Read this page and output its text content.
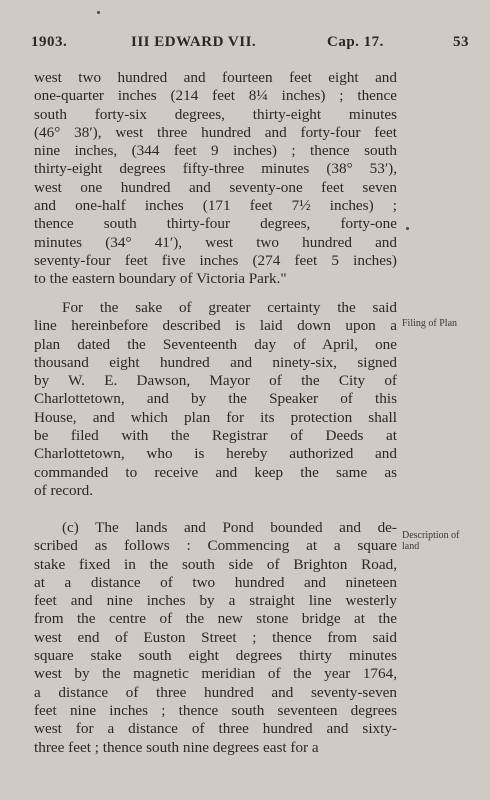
1903.	III EDWARD VII.	Cap. 17.	53
west two hundred and fourteen feet eight and
one-quarter inches (214 feet 8¼ inches) ; thence
south forty-six degrees, thirty-eight minutes
(46° 38′), west three hundred and forty-four feet
nine inches, (344 feet 9 inches) ; thence south
thirty-eight degrees fifty-three minutes (38° 53′),
west one hundred and seventy-one feet seven
and one-half inches (171 feet 7½ inches) ;
thence south thirty-four degrees, forty-one
minutes (34° 41′), west two hundred and
seventy-four feet five inches (274 feet 5 inches)
to the eastern boundary of Victoria Park."
For the sake of greater certainty the said
line hereinbefore described is laid down upon a
plan dated the Seventeenth day of April, one
thousand eight hundred and ninety-six, signed
by W. E. Dawson, Mayor of the City of
Charlottetown, and by the Speaker of this
House, and which plan for its protection shall
be filed with the Registrar of Deeds at
Charlottetown, who is hereby authorized and
commanded to receive and keep the same as
of record.
(c) The lands and Pond bounded and de-
scribed as follows : Commencing at a square
stake fixed in the south side of Brighton Road,
at a distance of two hundred and nineteen
feet and nine inches by a straight line westerly
from the centre of the new stone bridge at the
west end of Euston Street ; thence from said
square stake south eight degrees thirty minutes
west by the magnetic meridian of the year 1764,
a distance of three hundred and seventy-seven
feet nine inches ; thence south seventeen degrees
west for a distance of three hundred and sixty-
three feet ; thence south nine degrees east for a
Filing of Plan
Description of
land
